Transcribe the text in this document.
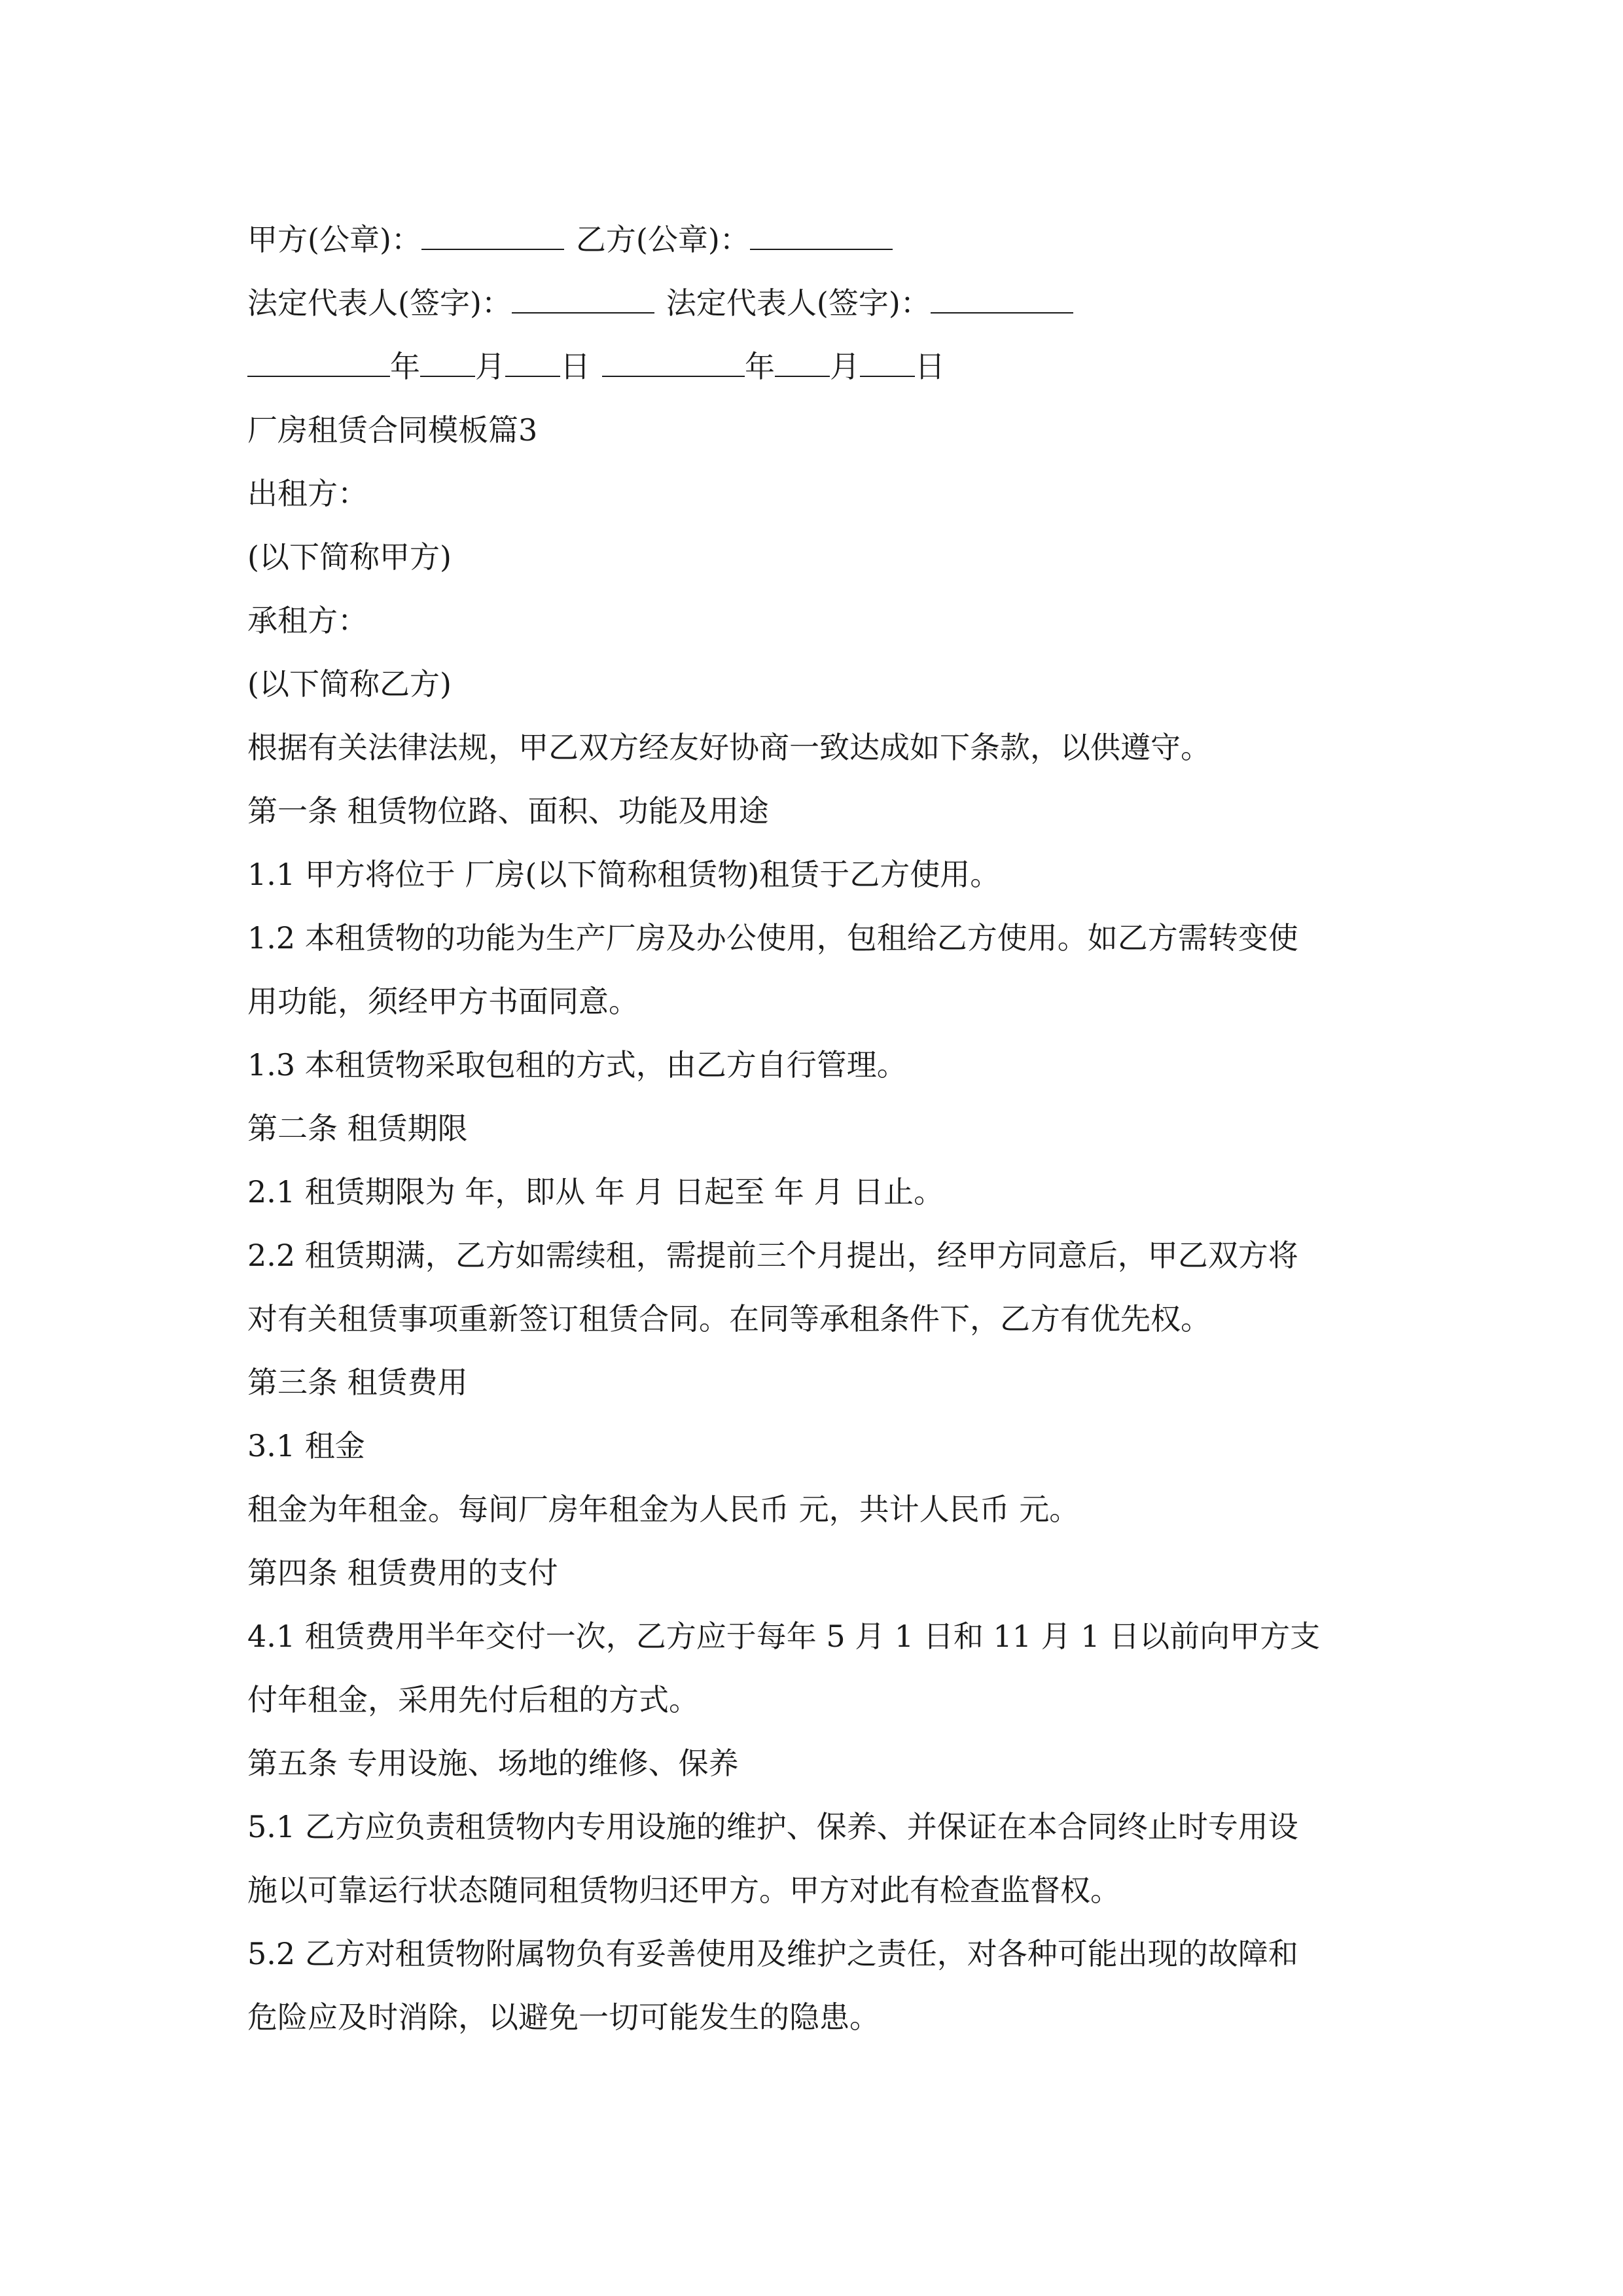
甲方(公章)：	乙方(公章)：
法定代表人(签字)：	法定代表人(签字)：
年 月 日	年 月 日
厂房租赁合同模板篇3
出租方：
(以下简称甲方)
承租方：
(以下简称乙方)
根据有关法律法规，甲乙双方经友好协商一致达成如下条款，以供遵守。
第一条 租赁物位路、面积、功能及用途
1.1 甲方将位于 厂房(以下简称租赁物)租赁于乙方使用。
1.2 本租赁物的功能为生产厂房及办公使用，包租给乙方使用。如乙方需转变使
用功能，须经甲方书面同意。
1.3 本租赁物采取包租的方式，由乙方自行管理。
第二条 租赁期限
2.1 租赁期限为 年，即从 年 月 日起至 年 月 日止。
2.2 租赁期满，乙方如需续租，需提前三个月提出，经甲方同意后，甲乙双方将
对有关租赁事项重新签订租赁合同。在同等承租条件下，乙方有优先权。
第三条 租赁费用
3.1 租金
租金为年租金。每间厂房年租金为人民币 元，共计人民币 元。
第四条 租赁费用的支付
4.1 租赁费用半年交付一次，乙方应于每年 5 月 1 日和 11 月 1 日以前向甲方支
付年租金，采用先付后租的方式。
第五条 专用设施、场地的维修、保养
5.1 乙方应负责租赁物内专用设施的维护、保养、并保证在本合同终止时专用设
施以可靠运行状态随同租赁物归还甲方。甲方对此有检查监督权。
5.2 乙方对租赁物附属物负有妥善使用及维护之责任，对各种可能出现的故障和
危险应及时消除，以避免一切可能发生的隐患。
